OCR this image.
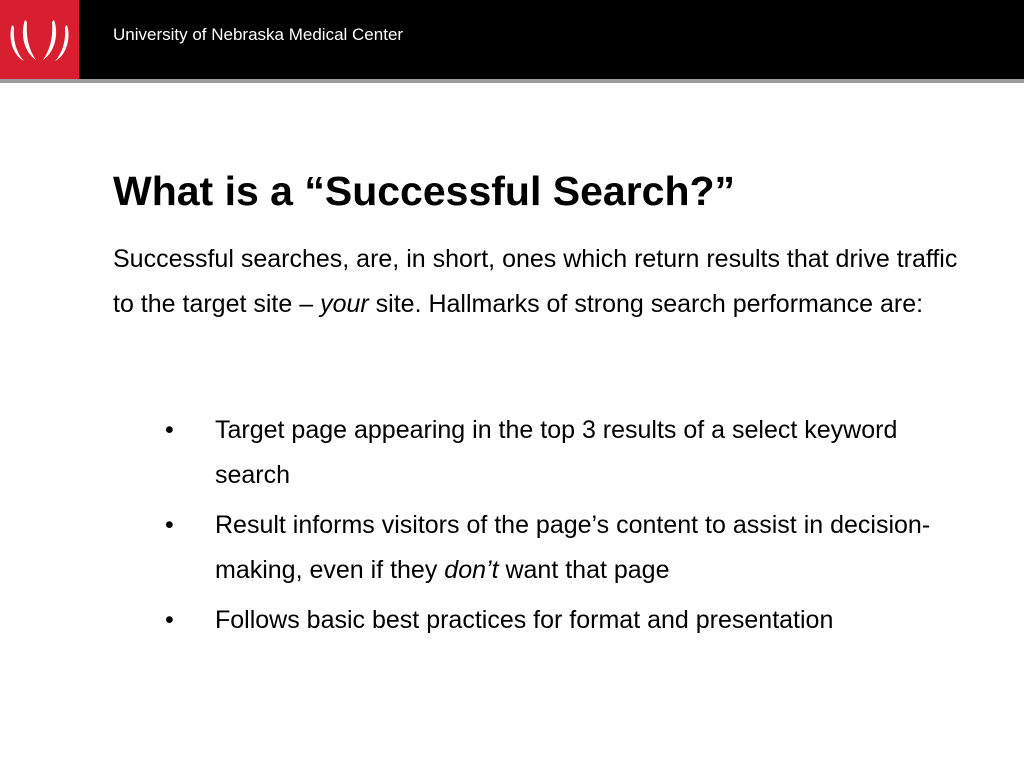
University of Nebraska Medical Center
What is a “Successful Search?”

Successful searches, are, in short, ones which return results that drive traffic to the target site – your site. Hallmarks of strong search performance are:

• Target page appearing in the top 3 results of a select keyword search
• Result informs visitors of the page’s content to assist in decision-making, even if they don’t want that page
• Follows basic best practices for format and presentation
